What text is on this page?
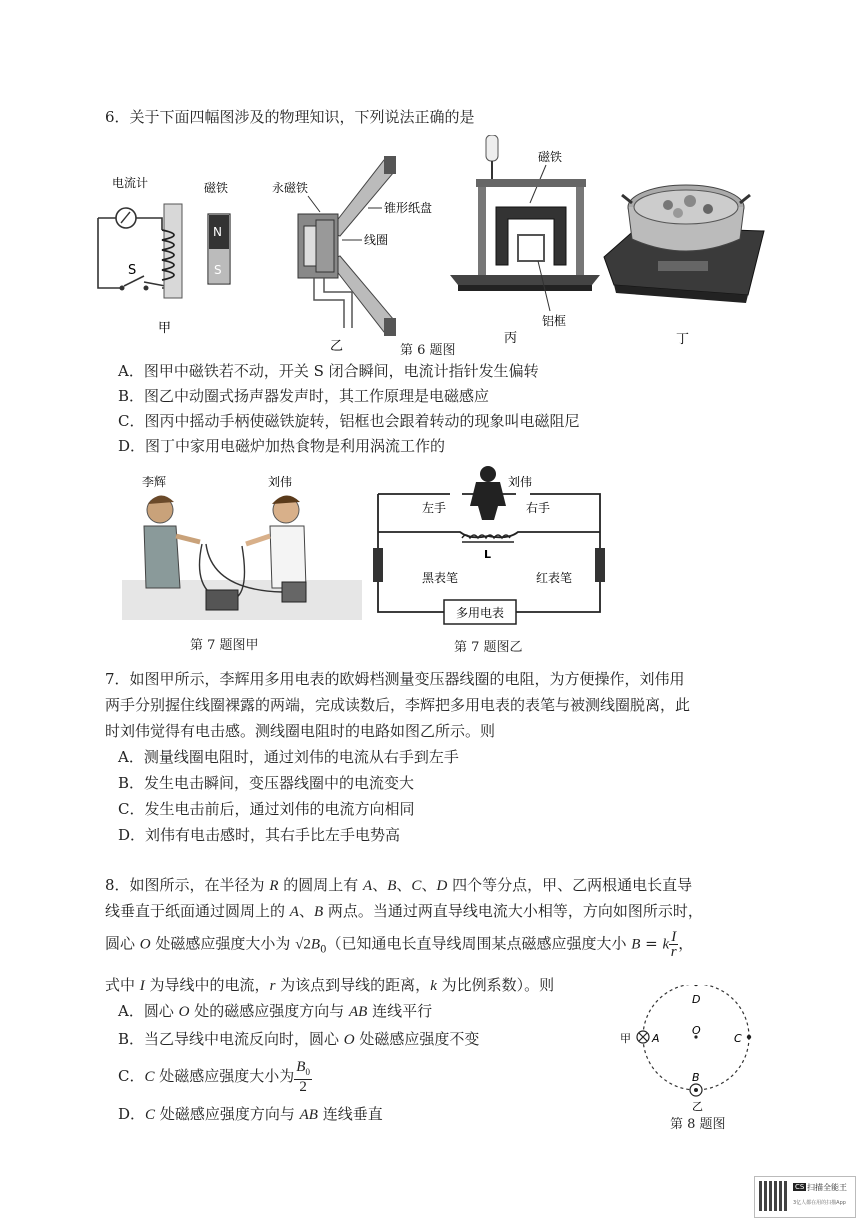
6．关于下面四幅图涉及的物理知识，下列说法正确的是
电流计	磁铁
S
N
S
甲
永磁铁
锥形纸盘
线圈
乙
磁铁
铝框
丙	丁
第 6 题图
A．图甲中磁铁若不动，开关 S 闭合瞬间，电流计指针发生偏转
B．图乙中动圈式扬声器发声时，其工作原理是电磁感应
C．图丙中摇动手柄使磁铁旋转，铝框也会跟着转动的现象叫电磁阻尼
D．图丁中家用电磁炉加热食物是利用涡流工作的
李辉	刘伟
第 7 题图甲
L
刘伟
左手	右手
黑表笔	红表笔
多用电表
第 7 题图乙
7．如图甲所示，李辉用多用电表的欧姆档测量变压器线圈的电阻，为方便操作，刘伟用
两手分别握住线圈裸露的两端，完成读数后，李辉把多用电表的表笔与被测线圈脱离，此
时刘伟觉得有电击感。测线圈电阻时的电路如图乙所示。则
A．测量线圈电阻时，通过刘伟的电流从右手到左手
B．发生电击瞬间，变压器线圈中的电流变大
C．发生电击前后，通过刘伟的电流方向相同
D．刘伟有电击感时，其右手比左手电势高
8．如图所示，在半径为 R 的圆周上有 A、B、C、D 四个等分点，甲、乙两根通电长直导
线垂直于纸面通过圆周上的 A、B 两点。当通过两直导线电流大小相等，方向如图所示时，
圆心 O 处磁感应强度大小为 $√2B_0$（已知通电长直导线周围某点磁感应强度大小 B = k $\frac{I}{r}$ ，
式中 I 为导线中的电流，r 为该点到导线的距离，k 为比例系数）。则
A．圆心 O 处的磁感应强度方向与 AB 连线平行
B．当乙导线中电流反向时，圆心 O 处磁感应强度不变
C．C 处磁感应强度大小为 $\frac{B_0}{2}$
D．C 处磁感应强度方向与 AB 连线垂直
甲 A
D
O
C
B
乙
第 8 题图
CS 扫描全能王
3亿人都在用的扫描App
